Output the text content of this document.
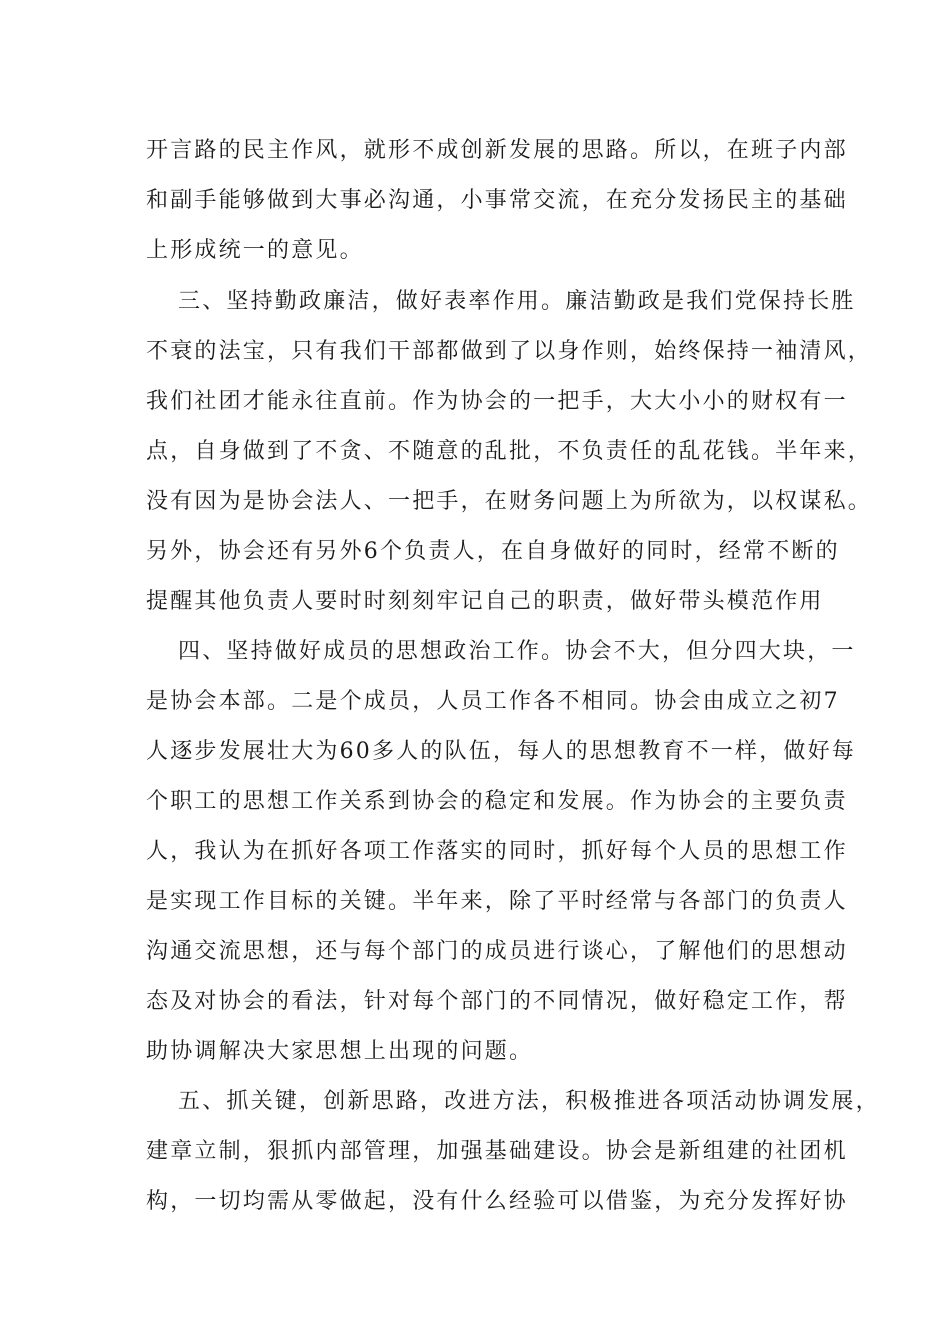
开言路的民主作风，就形不成创新发展的思路。所以，在班子内部
和副手能够做到大事必沟通，小事常交流，在充分发扬民主的基础
上形成统一的意见。
三、坚持勤政廉洁，做好表率作用。廉洁勤政是我们党保持长胜
不衰的法宝，只有我们干部都做到了以身作则，始终保持一袖清风，
我们社团才能永往直前。作为协会的一把手，大大小小的财权有一
点，自身做到了不贪、不随意的乱批，不负责任的乱花钱。半年来，
没有因为是协会法人、一把手，在财务问题上为所欲为，以权谋私。
另外，协会还有另外6个负责人，在自身做好的同时，经常不断的
提醒其他负责人要时时刻刻牢记自己的职责，做好带头模范作用
四、坚持做好成员的思想政治工作。协会不大，但分四大块，一
是协会本部。二是个成员，人员工作各不相同。协会由成立之初7
人逐步发展壮大为60多人的队伍，每人的思想教育不一样，做好每
个职工的思想工作关系到协会的稳定和发展。作为协会的主要负责
人，我认为在抓好各项工作落实的同时，抓好每个人员的思想工作
是实现工作目标的关键。半年来，除了平时经常与各部门的负责人
沟通交流思想，还与每个部门的成员进行谈心，了解他们的思想动
态及对协会的看法，针对每个部门的不同情况，做好稳定工作，帮
助协调解决大家思想上出现的问题。
五、抓关键，创新思路，改进方法，积极推进各项活动协调发展，
建章立制，狠抓内部管理，加强基础建设。协会是新组建的社团机
构，一切均需从零做起，没有什么经验可以借鉴，为充分发挥好协
